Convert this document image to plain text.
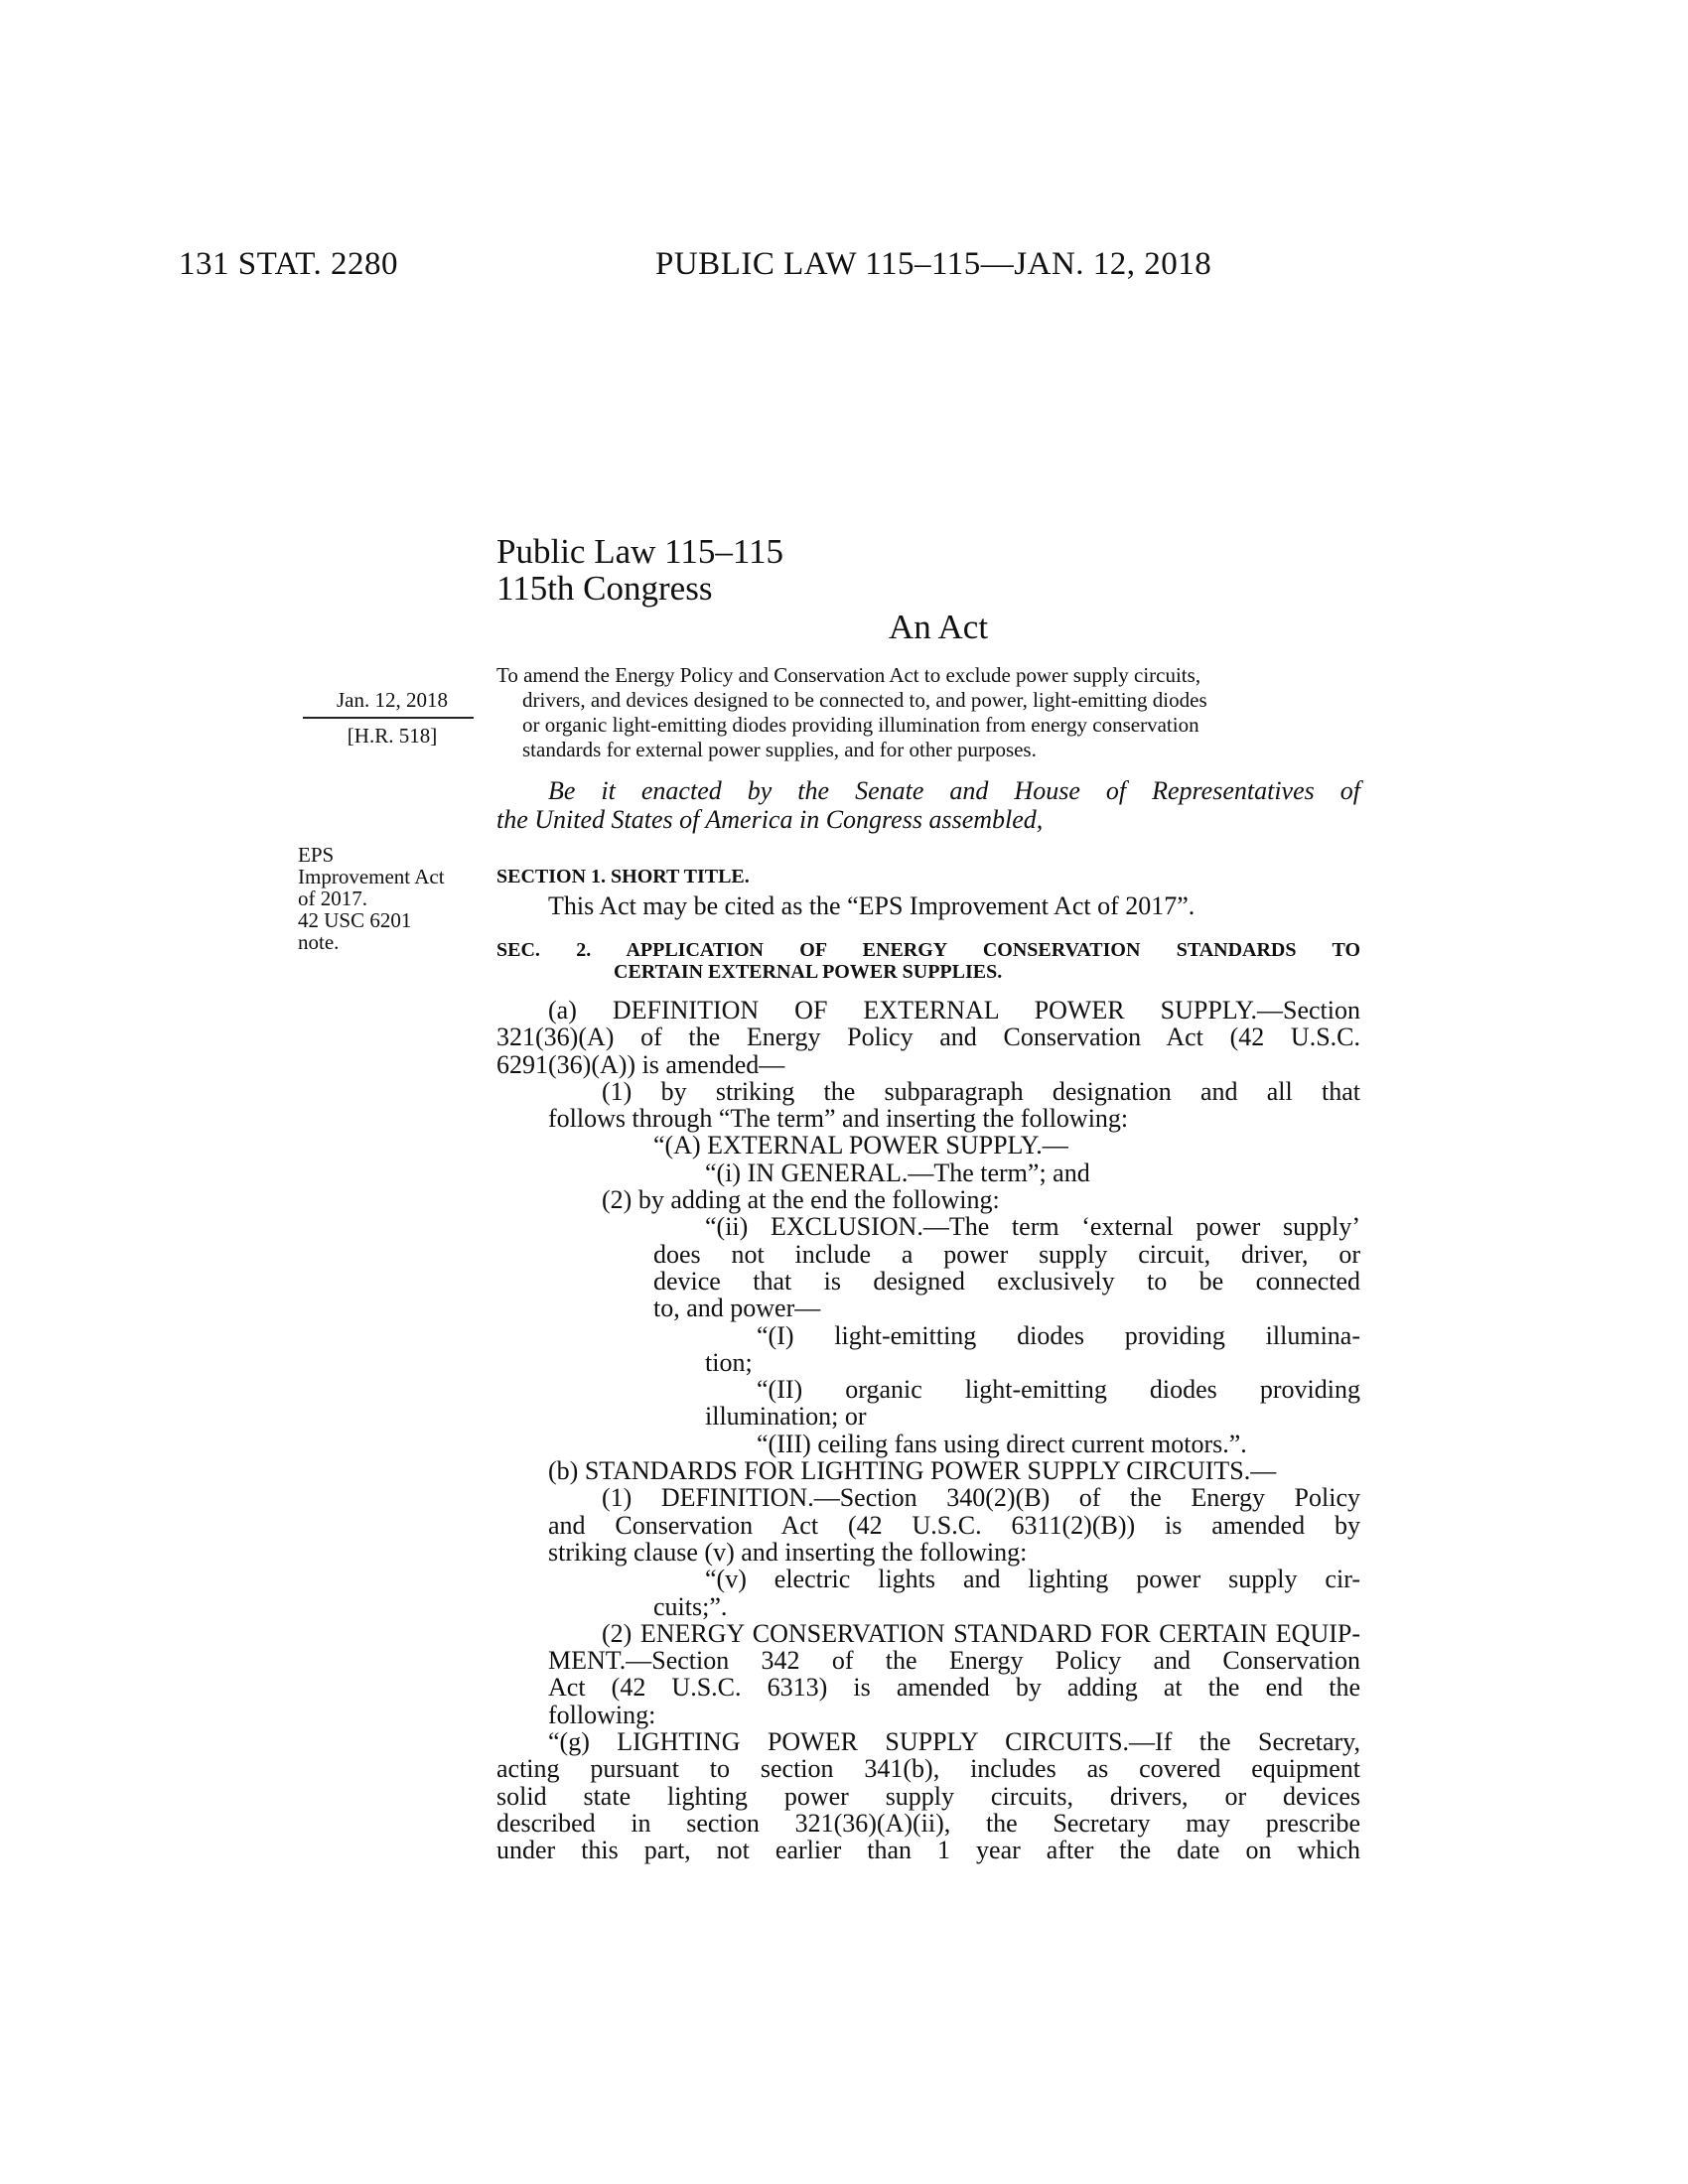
131 STAT. 2280	PUBLIC LAW 115–115—JAN. 12, 2018
Public Law 115–115
115th Congress
An Act
Jan. 12, 2018
[H.R. 518]
EPS
Improvement Act
of 2017.
42 USC 6201
note.
To amend the Energy Policy and Conservation Act to exclude power supply circuits,
drivers, and devices designed to be connected to, and power, light-emitting diodes
or organic light-emitting diodes providing illumination from energy conservation
standards for external power supplies, and for other purposes.
Be it enacted by the Senate and House of Representatives of
the United States of America in Congress assembled,
SECTION 1. SHORT TITLE.
This Act may be cited as the “EPS Improvement Act of 2017”.
SEC. 2. APPLICATION OF ENERGY CONSERVATION STANDARDS TO
CERTAIN EXTERNAL POWER SUPPLIES.
(a) DEFINITION OF EXTERNAL POWER SUPPLY.—Section
321(36)(A) of the Energy Policy and Conservation Act (42 U.S.C.
6291(36)(A)) is amended—
(1) by striking the subparagraph designation and all that
follows through “The term” and inserting the following:
“(A) EXTERNAL POWER SUPPLY.—
“(i) IN GENERAL.—The term”; and
(2) by adding at the end the following:
“(ii) EXCLUSION.—The term ‘external power supply’
does not include a power supply circuit, driver, or
device that is designed exclusively to be connected
to, and power—
“(I) light-emitting diodes providing illumina-
tion;
“(II) organic light-emitting diodes providing
illumination; or
“(III) ceiling fans using direct current motors.”.
(b) STANDARDS FOR LIGHTING POWER SUPPLY CIRCUITS.—
(1) DEFINITION.—Section 340(2)(B) of the Energy Policy
and Conservation Act (42 U.S.C. 6311(2)(B)) is amended by
striking clause (v) and inserting the following:
“(v) electric lights and lighting power supply cir-
cuits;”.
(2) ENERGY CONSERVATION STANDARD FOR CERTAIN EQUIP-
MENT.—Section 342 of the Energy Policy and Conservation
Act (42 U.S.C. 6313) is amended by adding at the end the
following:
“(g) LIGHTING POWER SUPPLY CIRCUITS.—If the Secretary,
acting pursuant to section 341(b), includes as covered equipment
solid state lighting power supply circuits, drivers, or devices
described in section 321(36)(A)(ii), the Secretary may prescribe
under this part, not earlier than 1 year after the date on which
